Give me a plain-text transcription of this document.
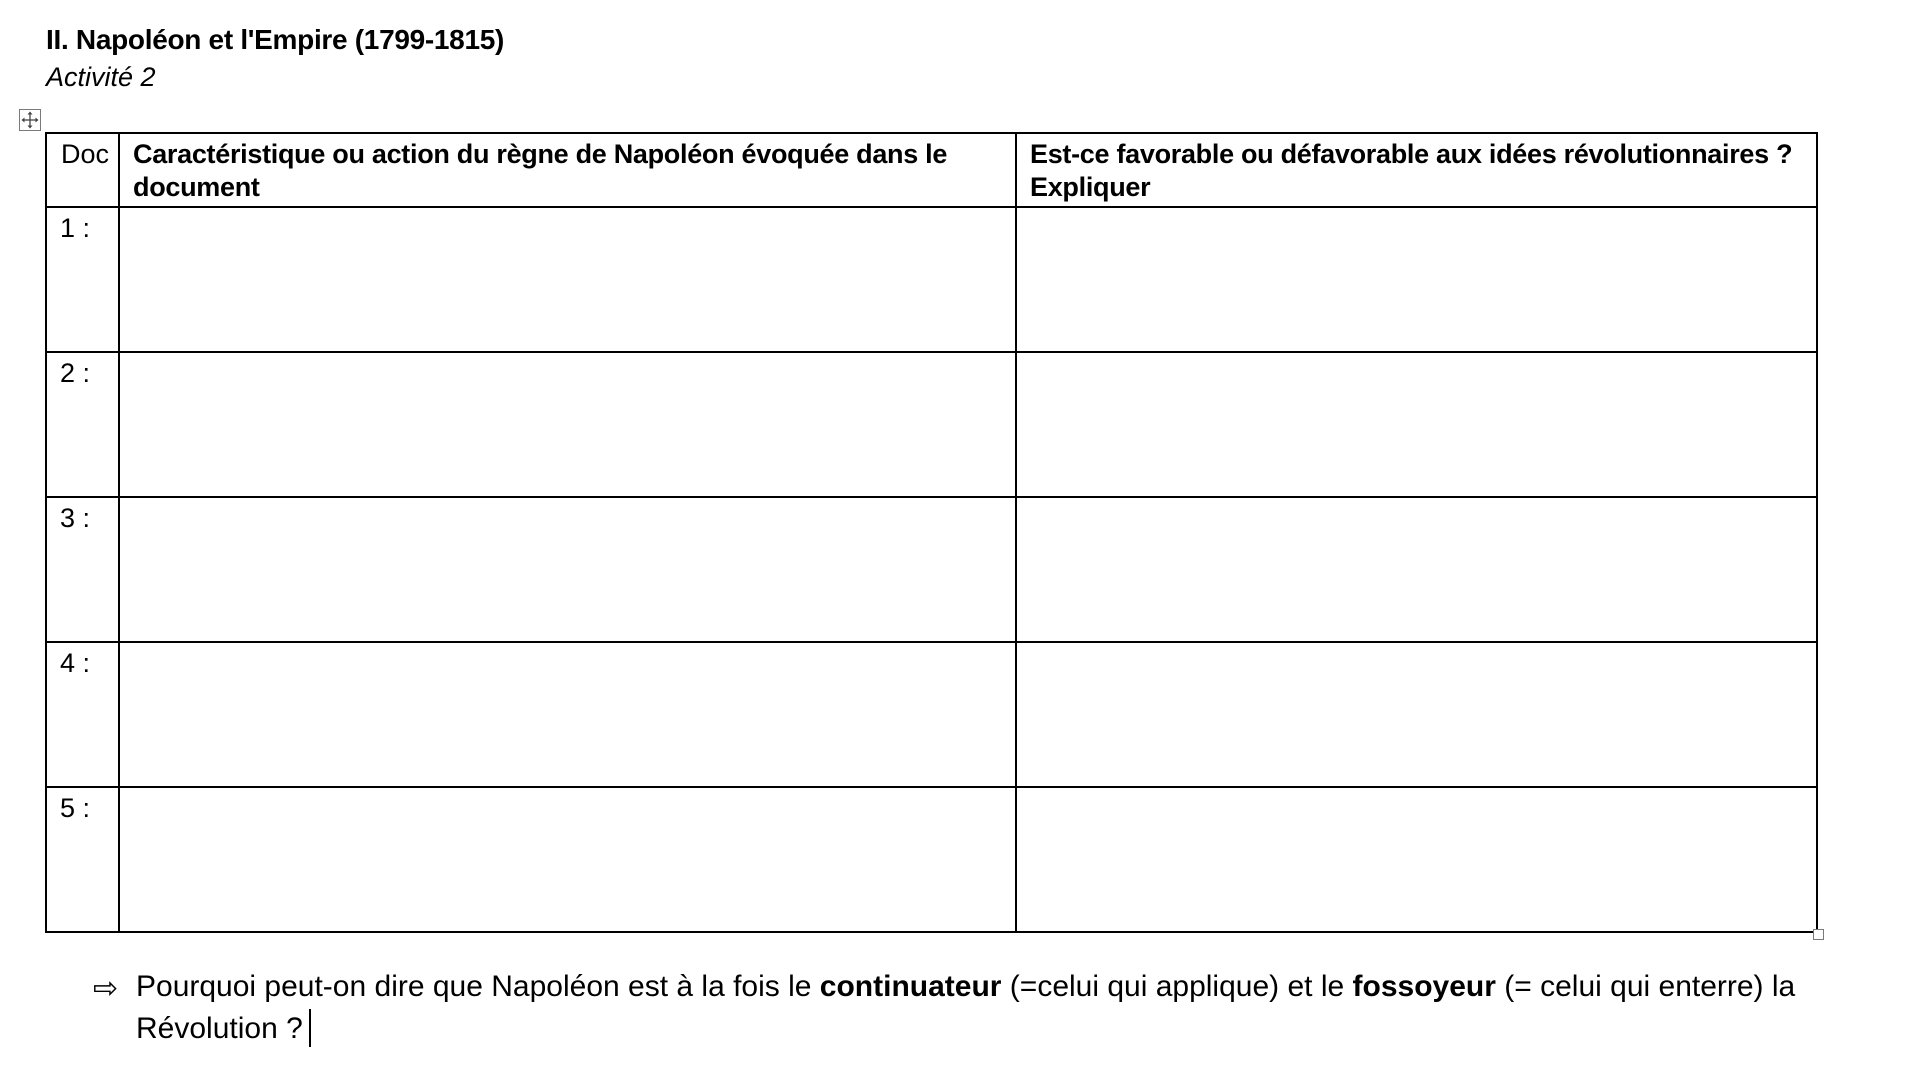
II. Napoléon et l'Empire (1799-1815)
Activité 2
Doc	Caractéristique ou action du règne de Napoléon évoquée dans le document	Est-ce favorable ou défavorable aux idées révolutionnaires ? Expliquer
1 :		
2 :		
3 :		
4 :		
5 :		
⇨ Pourquoi peut-on dire que Napoléon est à la fois le continuateur (=celui qui applique) et le fossoyeur (= celui qui enterre) la Révolution ?
